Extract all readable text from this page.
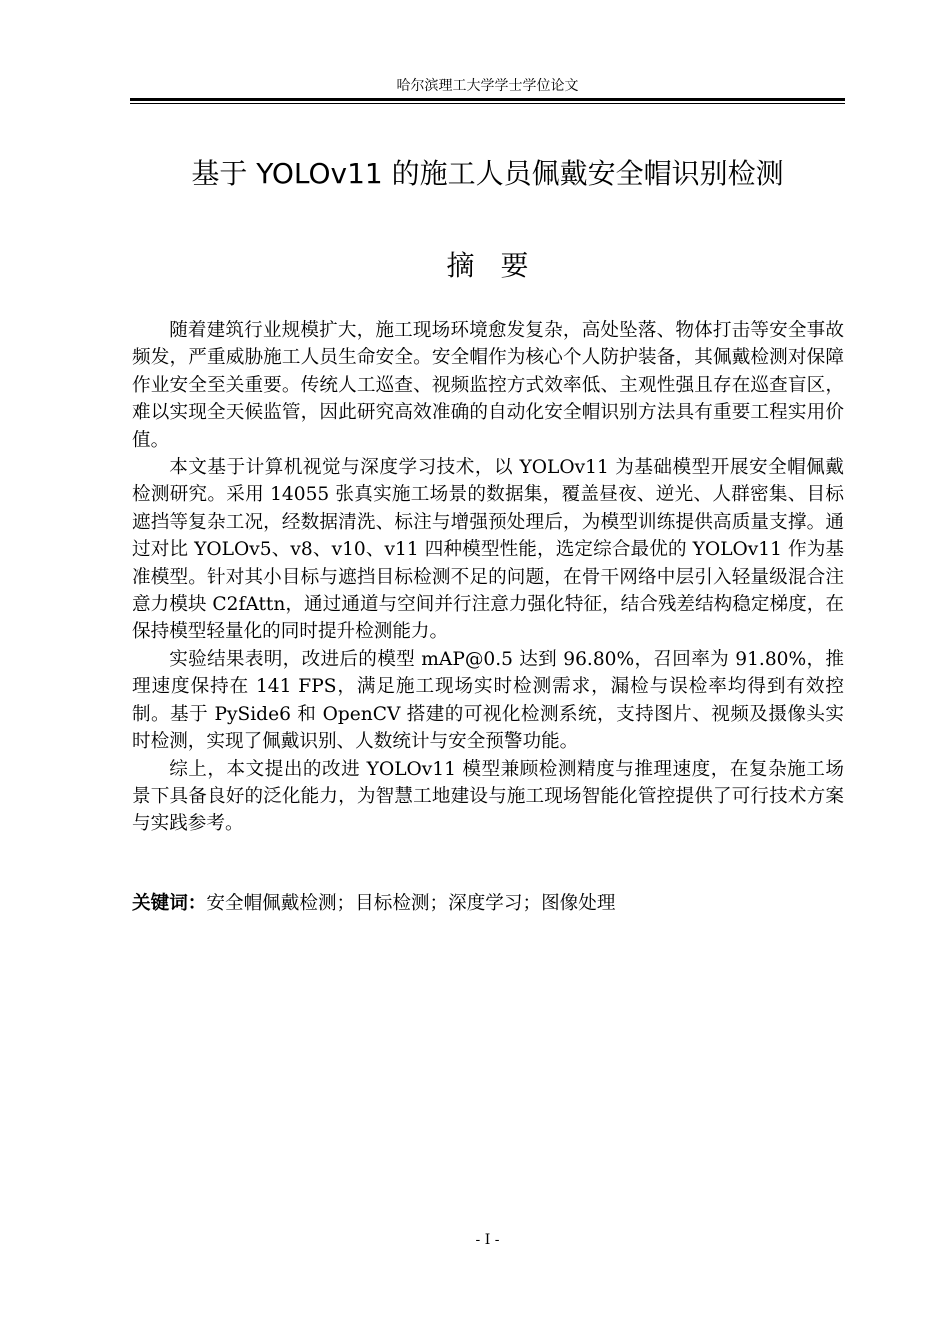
哈尔滨理工大学学士学位论文
基于 YOLOv11 的施工人员佩戴安全帽识别检测
摘要

随着建筑行业规模扩大，施工现场环境愈发复杂，高处坠落、物体打击等安全事故频发，严重威胁施工人员生命安全。安全帽作为核心个人防护装备，其佩戴检测对保障作业安全至关重要。传统人工巡查、视频监控方式效率低、主观性强且存在巡查盲区，难以实现全天候监管，因此研究高效准确的自动化安全帽识别方法具有重要工程实用价值。

本文基于计算机视觉与深度学习技术，以 YOLOv11 为基础模型开展安全帽佩戴检测研究。采用 14055 张真实施工场景的数据集，覆盖昼夜、逆光、人群密集、目标遮挡等复杂工况，经数据清洗、标注与增强预处理后，为模型训练提供高质量支撑。通过对比 YOLOv5、v8、v10、v11 四种模型性能，选定综合最优的 YOLOv11 作为基准模型。针对其小目标与遮挡目标检测不足的问题，在骨干网络中层引入轻量级混合注意力模块 C2fAttn，通过通道与空间并行注意力强化特征，结合残差结构稳定梯度，在保持模型轻量化的同时提升检测能力。

实验结果表明，改进后的模型 mAP@0.5 达到 96.80%，召回率为 91.80%，推理速度保持在 141 FPS，满足施工现场实时检测需求，漏检与误检率均得到有效控制。基于 PySide6 和 OpenCV 搭建的可视化检测系统，支持图片、视频及摄像头实时检测，实现了佩戴识别、人数统计与安全预警功能。

综上，本文提出的改进 YOLOv11 模型兼顾检测精度与推理速度，在复杂施工场景下具备良好的泛化能力，为智慧工地建设与施工现场智能化管控提供了可行技术方案与实践参考。

关键词：安全帽佩戴检测；目标检测；深度学习；图像处理
- I -
